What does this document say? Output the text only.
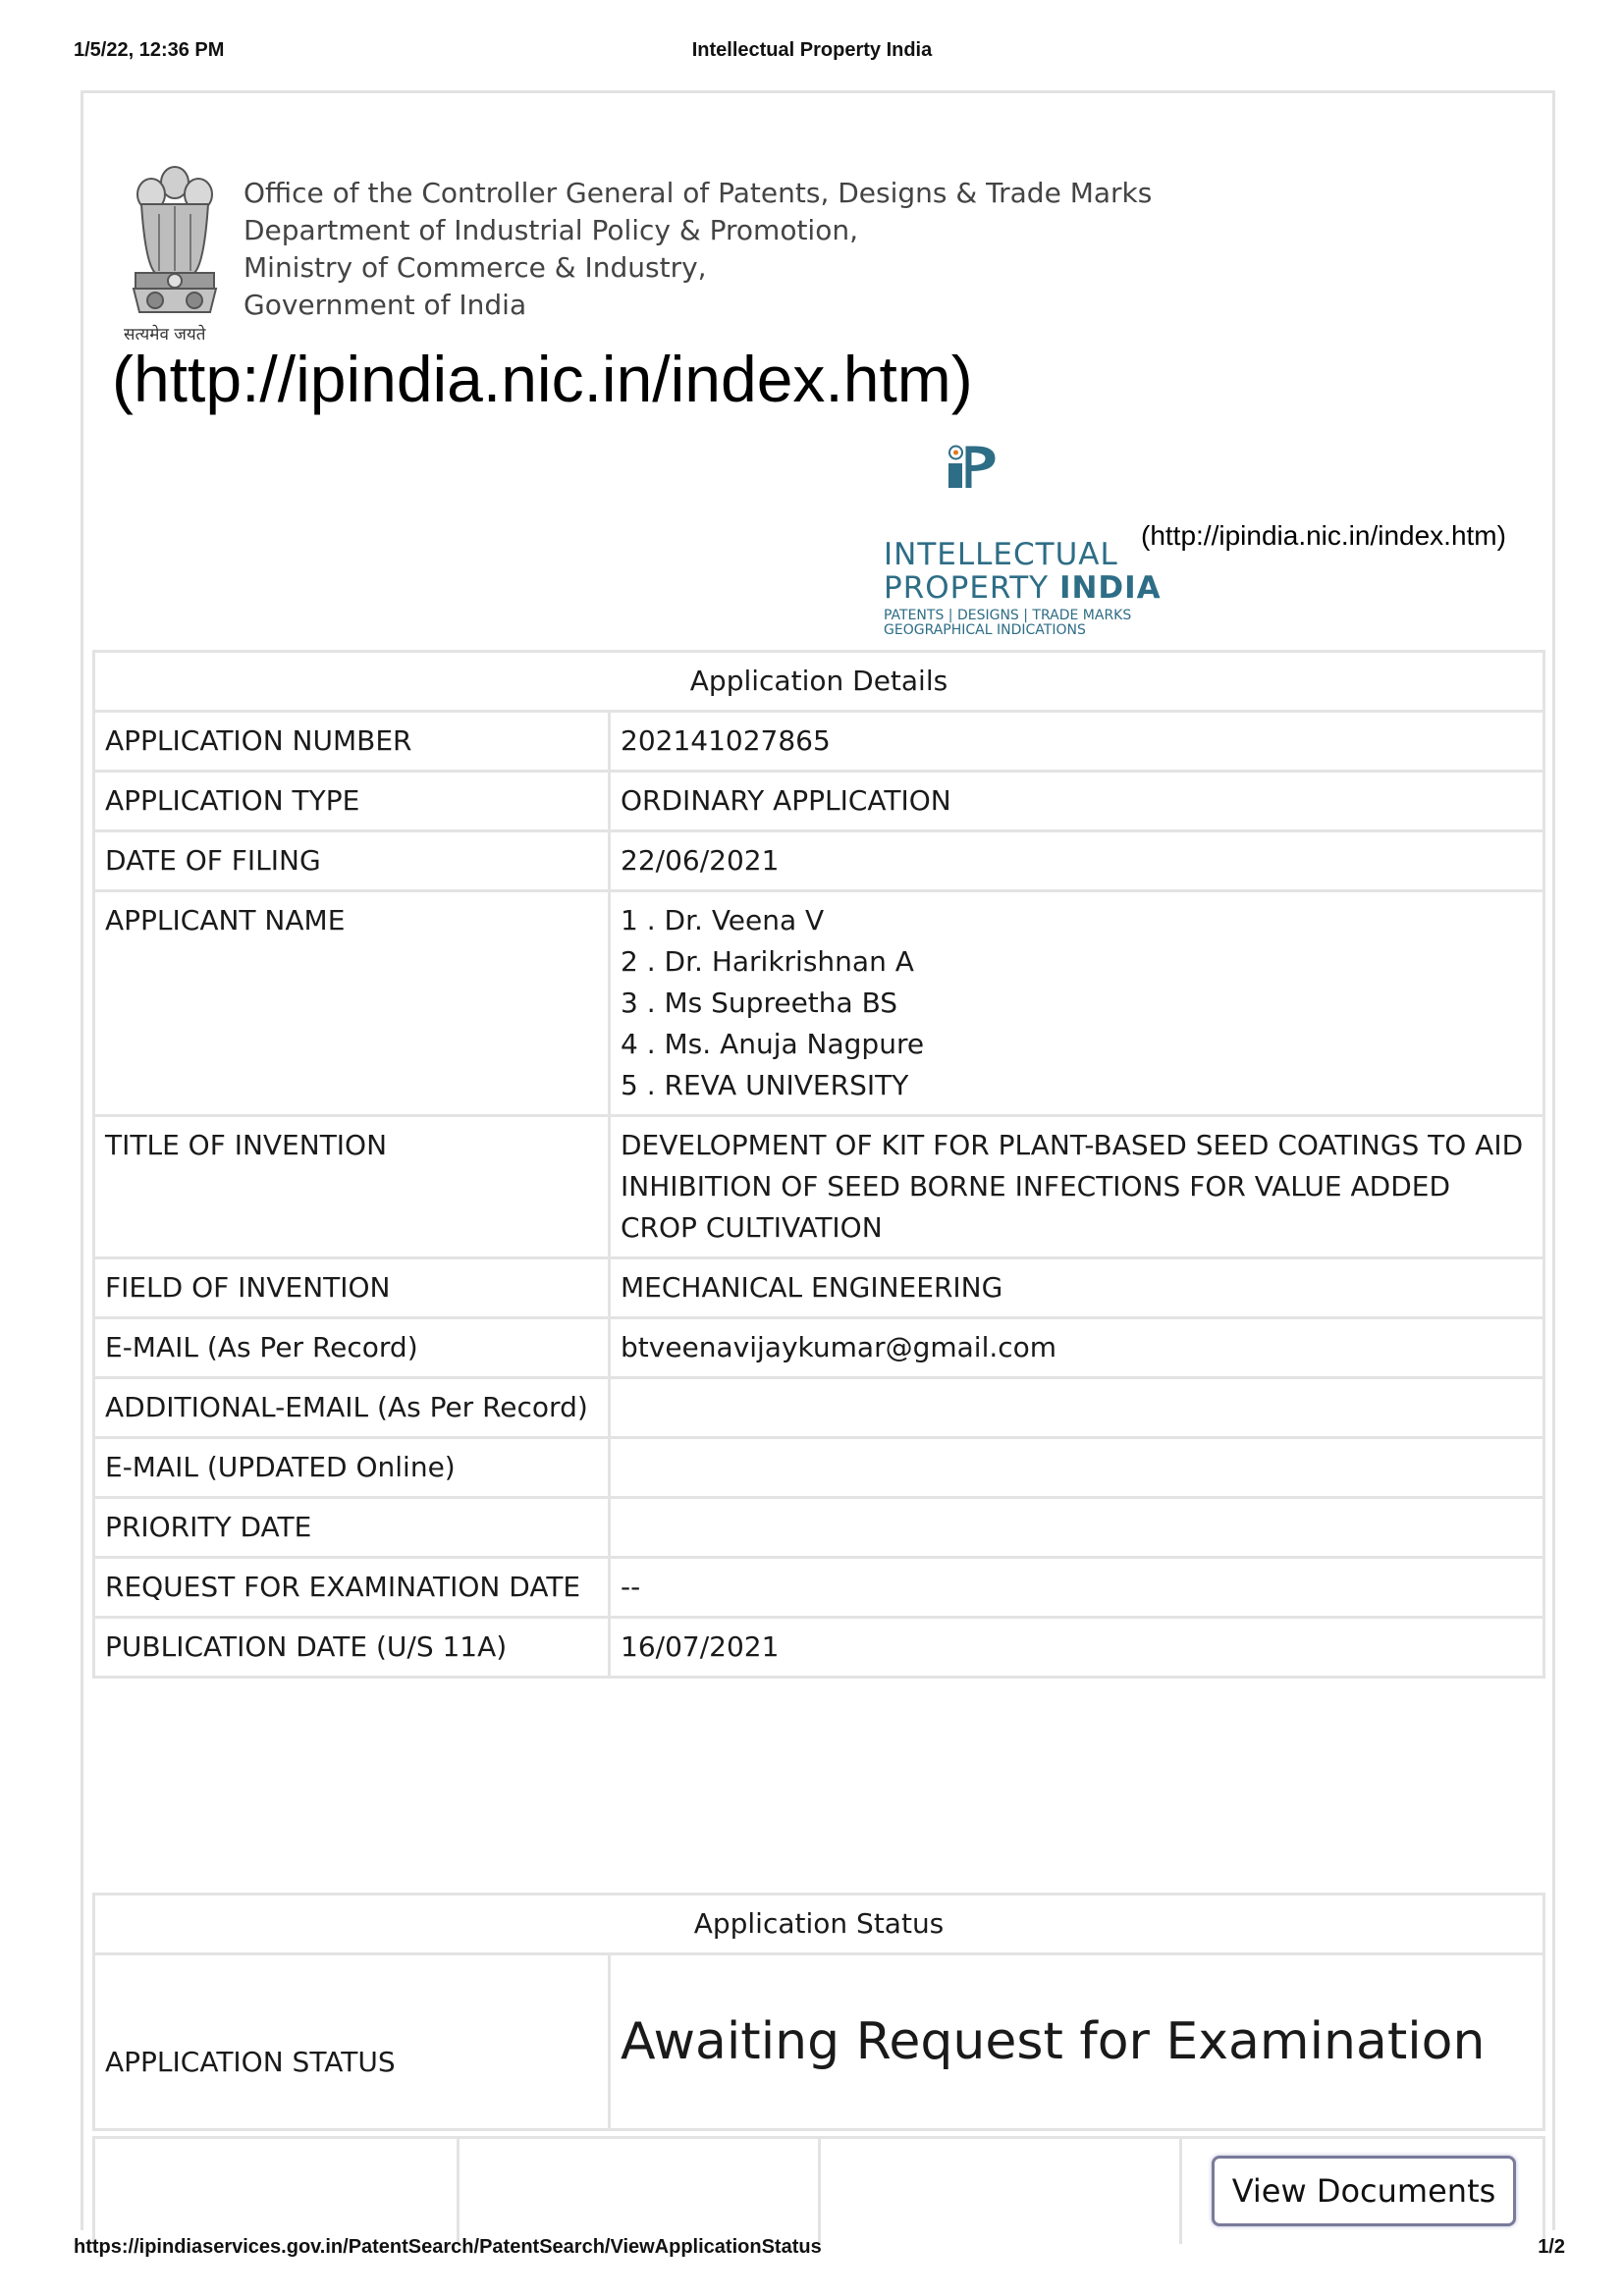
1/5/22, 12:36 PM	Intellectual Property India
सत्यमेव जयते
Office of the Controller General of Patents, Designs & Trade Marks
Department of Industrial Policy & Promotion,
Ministry of Commerce & Industry,
Government of India
(http://ipindia.nic.in/index.htm)
INTELLECTUAL
PROPERTY INDIA
PATENTS | DESIGNS | TRADE MARKS
GEOGRAPHICAL INDICATIONS
(http://ipindia.nic.in/index.htm)
Application Details	
APPLICATION NUMBER	202141027865
APPLICATION TYPE	ORDINARY APPLICATION
DATE OF FILING	22/06/2021
APPLICANT NAME	1 . Dr. Veena V
2 . Dr. Harikrishnan A
3 . Ms Supreetha BS
4 . Ms. Anuja Nagpure
5 . REVA UNIVERSITY

TITLE OF INVENTION	DEVELOPMENT OF KIT FOR PLANT-BASED SEED COATINGS TO AID INHIBITION OF SEED BORNE INFECTIONS FOR VALUE ADDED CROP CULTIVATION
FIELD OF INVENTION	MECHANICAL ENGINEERING
E-MAIL (As Per Record)	btveenavijaykumar@gmail.com
ADDITIONAL-EMAIL (As Per Record)	
E-MAIL (UPDATED Online)	
PRIORITY DATE	
REQUEST FOR EXAMINATION DATE	--
PUBLICATION DATE (U/S 11A)	16/07/2021
Application Status
APPLICATION STATUS	Awaiting Request for Examination
View Documents
https://ipindiaservices.gov.in/PatentSearch/PatentSearch/ViewApplicationStatus	1/2
